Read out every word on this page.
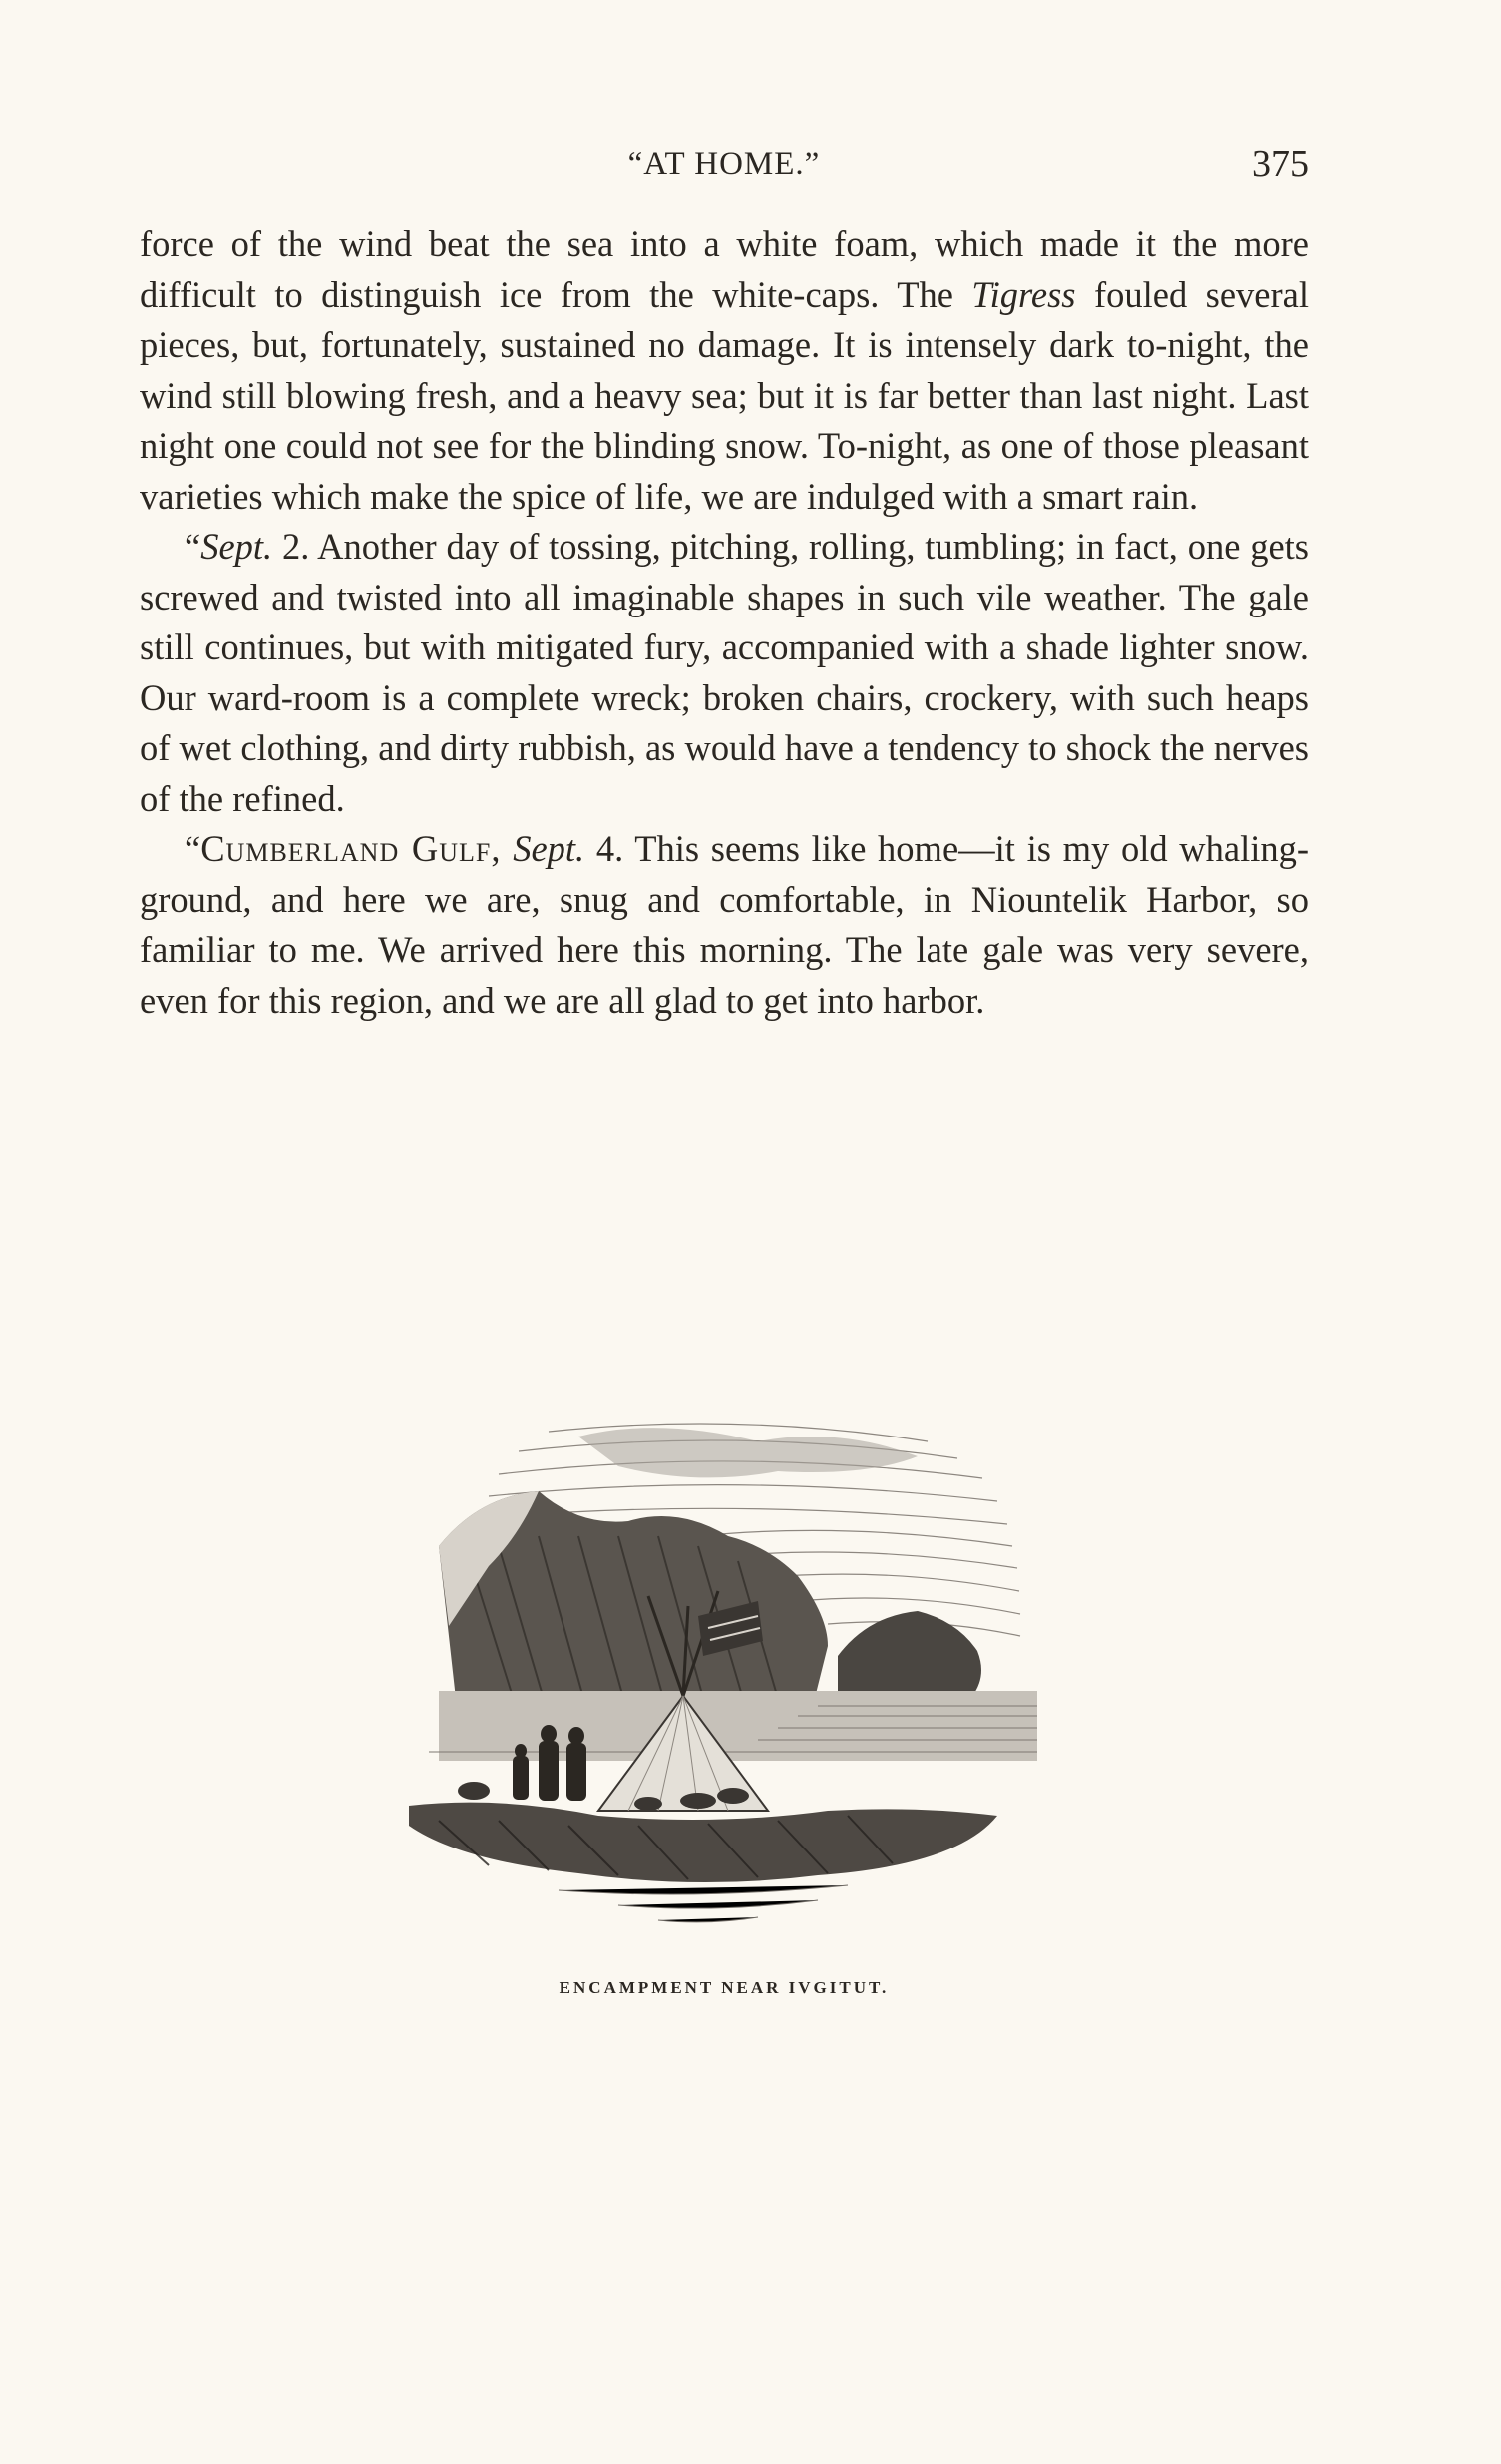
“AT HOME.”	375

force of the wind beat the sea into a white foam, which made it the more difficult to distinguish ice from the white-caps. The Tigress fouled several pieces, but, fortunately, sustained no damage. It is intensely dark to-night, the wind still blowing fresh, and a heavy sea; but it is far better than last night. Last night one could not see for the blinding snow. To-night, as one of those pleasant varieties which make the spice of life, we are indulged with a smart rain.

“Sept. 2. Another day of tossing, pitching, rolling, tumbling; in fact, one gets screwed and twisted into all imaginable shapes in such vile weather. The gale still continues, but with mitigated fury, accompanied with a shade lighter snow. Our ward-room is a complete wreck; broken chairs, crockery, with such heaps of wet clothing, and dirty rubbish, as would have a tendency to shock the nerves of the refined.

“Cumberland Gulf, Sept. 4. This seems like home—it is my old whaling-ground, and here we are, snug and comfortable, in Niountelik Harbor, so familiar to me. We arrived here this morning. The late gale was very severe, even for this region, and we are all glad to get into harbor.

ENCAMPMENT NEAR IVGITUT.
